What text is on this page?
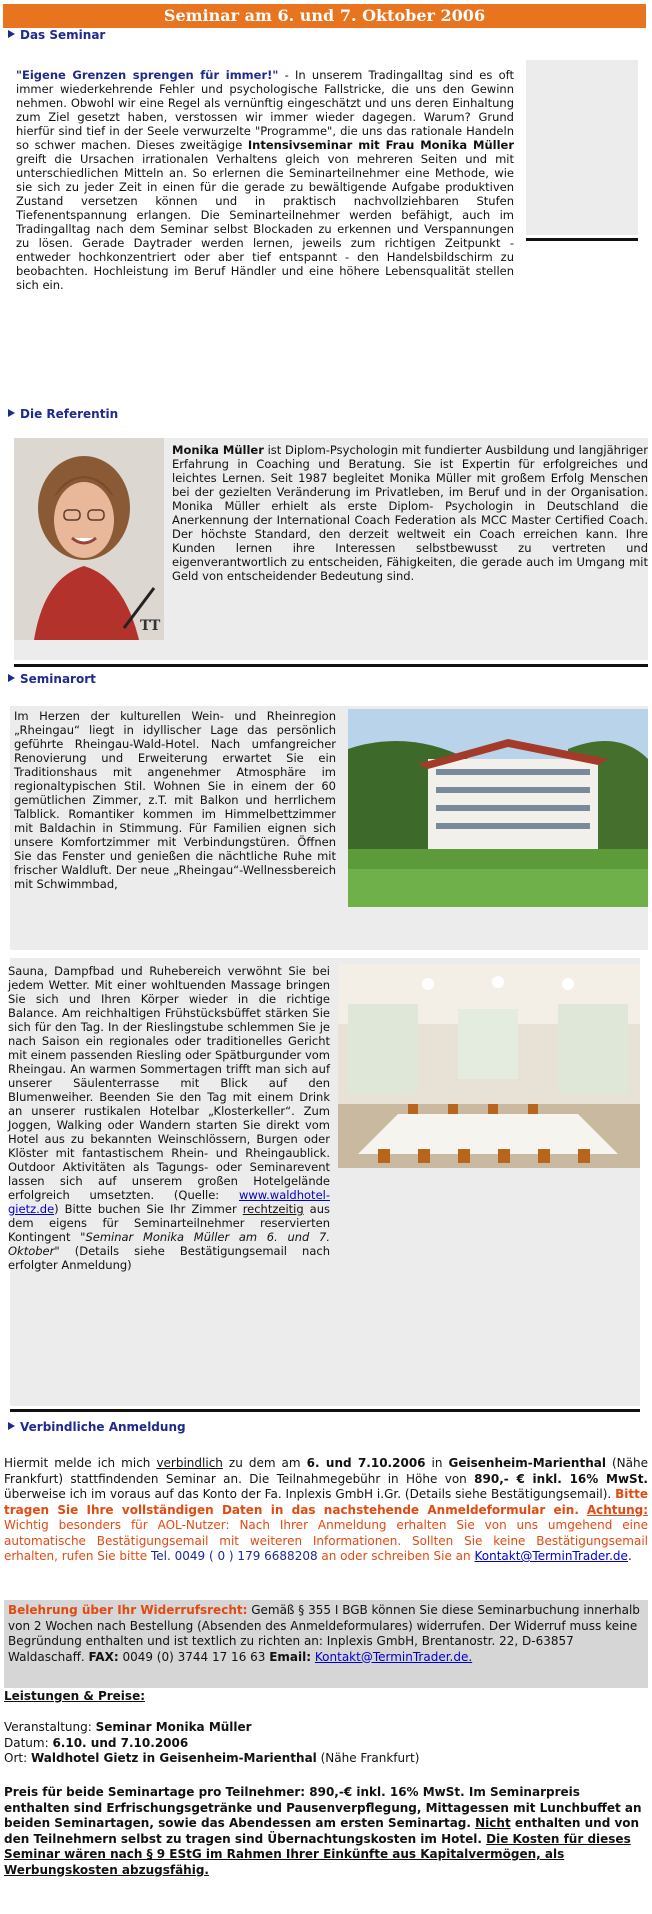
Seminar am 6. und 7. Oktober 2006
Das Seminar
"Eigene Grenzen sprengen für immer!" - In unserem Tradingalltag sind es oft immer wiederkehrende Fehler und psychologische Fallstricke, die uns den Gewinn nehmen. Obwohl wir eine Regel als vernünftig eingeschätzt und uns deren Einhaltung zum Ziel gesetzt haben, verstossen wir immer wieder dagegen. Warum? Grund hierfür sind tief in der Seele verwurzelte "Programme", die uns das rationale Handeln so schwer machen. Dieses zweitägige Intensivseminar mit Frau Monika Müller greift die Ursachen irrationalen Verhaltens gleich von mehreren Seiten und mit unterschiedlichen Mitteln an. So erlernen die Seminarteilnehmer eine Methode, wie sie sich zu jeder Zeit in einen für die gerade zu bewältigende Aufgabe produktiven Zustand versetzen können und in praktisch nachvollziehbaren Stufen Tiefenentspannung erlangen. Die Seminarteilnehmer werden befähigt, auch im Tradingalltag nach dem Seminar selbst Blockaden zu erkennen und Verspannungen zu lösen. Gerade Daytrader werden lernen, jeweils zum richtigen Zeitpunkt - entweder hochkonzentriert oder aber tief entspannt - den Handelsbildschirm zu beobachten. Hochleistung im Beruf Händler und eine höhere Lebensqualität stellen sich ein.
Die Referentin
TT
Monika Müller ist Diplom-Psychologin mit fundierter Ausbildung und langjähriger Erfahrung in Coaching und Beratung. Sie ist Expertin für erfolgreiches und leichtes Lernen. Seit 1987 begleitet Monika Müller mit großem Erfolg Menschen bei der gezielten Veränderung im Privatleben, im Beruf und in der Organisation. Monika Müller erhielt als erste Diplom- Psychologin in Deutschland die Anerkennung der International Coach Federation als MCC Master Certified Coach. Der höchste Standard, den derzeit weltweit ein Coach erreichen kann. Ihre Kunden lernen ihre Interessen selbstbewusst zu vertreten und eigenverantwortlich zu entscheiden, Fähigkeiten, die gerade auch im Umgang mit Geld von entscheidender Bedeutung sind.
Seminarort
Im Herzen der kulturellen Wein- und Rheinregion „Rheingau“ liegt in idyllischer Lage das persönlich geführte Rheingau-Wald-Hotel. Nach umfangreicher Renovierung und Erweiterung erwartet Sie ein Traditionshaus mit angenehmer Atmosphäre im regionaltypischen Stil. Wohnen Sie in einem der 60 gemütlichen Zimmer, z.T. mit Balkon und herrlichem Talblick. Romantiker kommen im Himmelbettzimmer mit Baldachin in Stimmung. Für Familien eignen sich unsere Komfortzimmer mit Verbindungstüren. Öffnen Sie das Fenster und genießen die nächtliche Ruhe mit frischer Waldluft. Der neue „Rheingau“-Wellnessbereich mit Schwimmbad,
Sauna, Dampfbad und Ruhebereich verwöhnt Sie bei jedem Wetter. Mit einer wohltuenden Massage bringen Sie sich und Ihren Körper wieder in die richtige Balance. Am reichhaltigen Frühstücksbüffet stärken Sie sich für den Tag. In der Rieslingstube schlemmen Sie je nach Saison ein regionales oder traditionelles Gericht mit einem passenden Riesling oder Spätburgunder vom Rheingau. An warmen Sommertagen trifft man sich auf unserer Säulenterrasse mit Blick auf den Blumenweiher. Beenden Sie den Tag mit einem Drink an unserer rustikalen Hotelbar „Klosterkeller“. Zum Joggen, Walking oder Wandern starten Sie direkt vom Hotel aus zu bekannten Weinschlössern, Burgen oder Klöster mit fantastischem Rhein- und Rheingaublick. Outdoor Aktivitäten als Tagungs- oder Seminarevent lassen sich auf unserem großen Hotelgelände erfolgreich umsetzten. (Quelle: www.waldhotel-gietz.de) Bitte buchen Sie Ihr Zimmer rechtzeitig aus dem eigens für Seminarteilnehmer reservierten Kontingent "Seminar Monika Müller am 6. und 7. Oktober" (Details siehe Bestätigungsemail nach erfolgter Anmeldung)
Verbindliche Anmeldung
Hiermit melde ich mich verbindlich zu dem am 6. und 7.10.2006 in Geisenheim-Marienthal (Nähe Frankfurt) stattfindenden Seminar an. Die Teilnahmegebühr in Höhe von 890,- € inkl. 16% MwSt. überweise ich im voraus auf das Konto der Fa. Inplexis GmbH i.Gr. (Details siehe Bestätigungsemail). Bitte tragen Sie Ihre vollständigen Daten in das nachstehende Anmeldeformular ein. Achtung: Wichtig besonders für AOL-Nutzer: Nach Ihrer Anmeldung erhalten Sie von uns umgehend eine automatische Bestätigungsemail mit weiteren Informationen. Sollten Sie keine Bestätigungsemail erhalten, rufen Sie bitte Tel. 0049 ( 0 ) 179 6688208 an oder schreiben Sie an Kontakt@TerminTrader.de.
Belehrung über Ihr Widerrufsrecht: Gemäß § 355 I BGB können Sie diese Seminarbuchung innerhalb von 2 Wochen nach Bestellung (Absenden des Anmeldeformulares) widerrufen. Der Widerruf muss keine Begründung enthalten und ist textlich zu richten an: Inplexis GmbH, Brentanostr. 22, D-63857 Waldaschaff. FAX: 0049 (0) 3744 17 16 63 Email: Kontakt@TerminTrader.de.
Leistungen & Preise:
Veranstaltung: Seminar Monika Müller
Datum: 6.10. und 7.10.2006
Ort: Waldhotel Gietz in Geisenheim-Marienthal (Nähe Frankfurt)
Preis für beide Seminartage pro Teilnehmer: 890,-€ inkl. 16% MwSt. Im Seminarpreis enthalten sind Erfrischungsgetränke und Pausenverpflegung, Mittagessen mit Lunchbuffet an beiden Seminartagen, sowie das Abendessen am ersten Seminartag. Nicht enthalten und von den Teilnehmern selbst zu tragen sind Übernachtungskosten im Hotel. Die Kosten für dieses Seminar wären nach § 9 EStG im Rahmen Ihrer Einkünfte aus Kapitalvermögen, als Werbungskosten abzugsfähig.
